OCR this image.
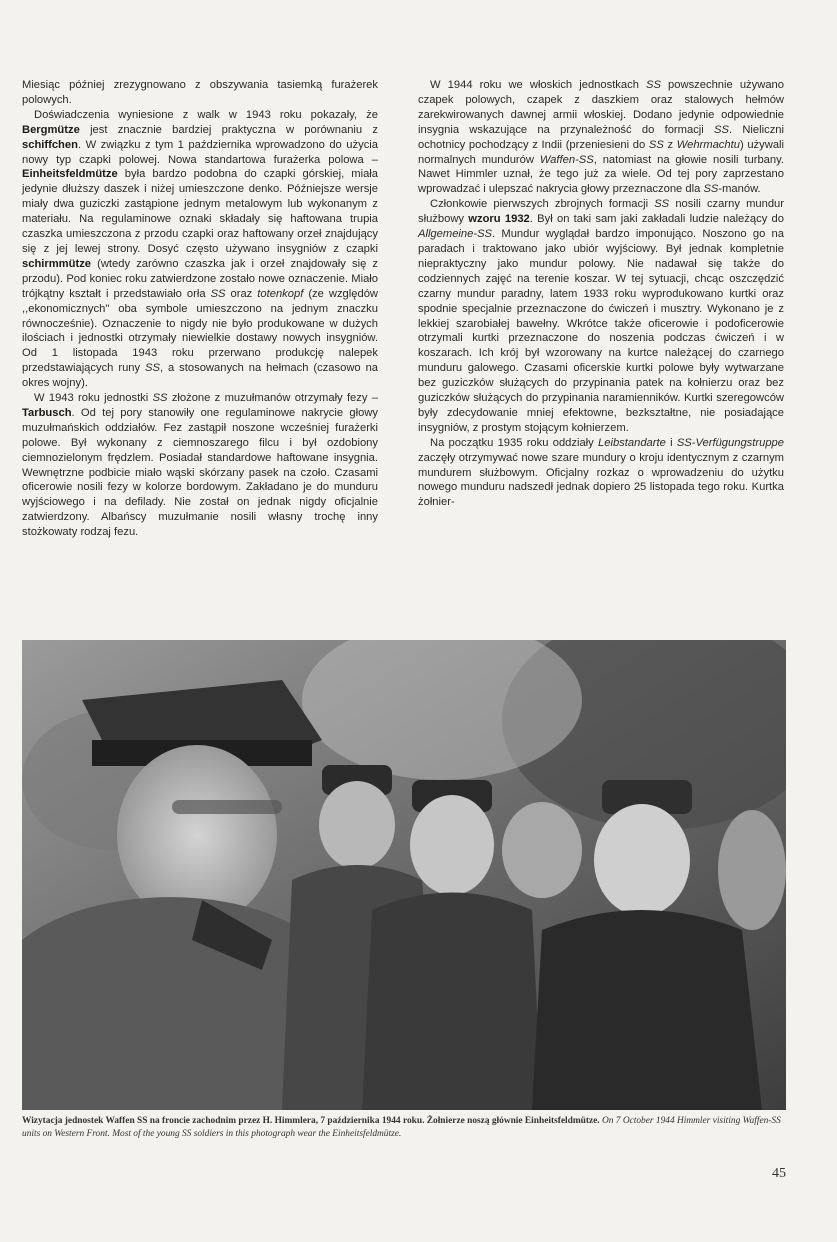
Miesiąc później zrezygnowano z obszywania tasiemką furażerek polowych.

Doświadczenia wyniesione z walk w 1943 roku pokazały, że Bergmütze jest znacznie bardziej praktyczna w porównaniu z schiffchen. W związku z tym 1 października wprowadzono do użycia nowy typ czapki polowej. Nowa standartowa furażerka polowa – Einheitsfeldmütze była bardzo podobna do czapki górskiej, miała jedynie dłuższy daszek i niżej umieszczone denko. Późniejsze wersje miały dwa guziczki zastąpione jednym metalowym lub wykonanym z materiału. Na regulaminowe oznaki składały się haftowana trupia czaszka umieszczona z przodu czapki oraz haftowany orzeł znajdujący się z jej lewej strony. Dosyć często używano insygniów z czapki schirmmütze (wtedy zarówno czaszka jak i orzeł znajdowały się z przodu). Pod koniec roku zatwierdzone zostało nowe oznaczenie. Miało trójkątny kształt i przedstawiało orła SS oraz totenkopf (ze względów ,,ekonomicznych" oba symbole umieszczono na jednym znaczku równocześnie). Oznaczenie to nigdy nie było produkowane w dużych ilościach i jednostki otrzymały niewielkie dostawy nowych insygniów. Od 1 listopada 1943 roku przerwano produkcję nalepek przedstawiających runy SS, a stosowanych na hełmach (czasowo na okres wojny).

W 1943 roku jednostki SS złożone z muzułmanów otrzymały fezy – Tarbusch. Od tej pory stanowiły one regulaminowe nakrycie głowy muzułmańskich oddziałów. Fez zastąpił noszone wcześniej furażerki polowe. Był wykonany z ciemnoszarego filcu i był ozdobiony ciemnozielonym frędzlem. Posiadał standardowe haftowane insygnia. Wewnętrzne podbicie miało wąski skórzany pasek na czoło. Czasami oficerowie nosili fezy w kolorze bordowym. Zakładano je do munduru wyjściowego i na defilady. Nie został on jednak nigdy oficjalnie zatwierdzony. Albańscy muzułmanie nosili własny trochę inny stożkowaty rodzaj fezu.

W 1944 roku we włoskich jednostkach SS powszechnie używano czapek polowych, czapek z daszkiem oraz stalowych hełmów zarekwirowanych dawnej armii włoskiej. Dodano jedynie odpowiednie insygnia wskazujące na przynależność do formacji SS. Nieliczni ochotnicy pochodzący z Indii (przeniesieni do SS z Wehrmachtu) używali normalnych mundurów Waffen-SS, natomiast na głowie nosili turbany. Nawet Himmler uznał, że tego już za wiele. Od tej pory zaprzestano wprowadzać i ulepszać nakrycia głowy przeznaczone dla SS-manów.

Członkowie pierwszych zbrojnych formacji SS nosili czarny mundur służbowy wzoru 1932. Był on taki sam jaki zakładali ludzie należący do Allgemeine-SS. Mundur wyglądał bardzo imponująco. Noszono go na paradach i traktowano jako ubiór wyjściowy. Był jednak kompletnie niepraktyczny jako mundur polowy. Nie nadawał się także do codziennych zajęć na terenie koszar. W tej sytuacji, chcąc oszczędzić czarny mundur paradny, latem 1933 roku wyprodukowano kurtki oraz spodnie specjalnie przeznaczone do ćwiczeń i musztry. Wykonano je z lekkiej szarobiałej bawełny. Wkrótce także oficerowie i podoficerowie otrzymali kurtki przeznaczone do noszenia podczas ćwiczeń i w koszarach. Ich krój był wzorowany na kurtce należącej do czarnego munduru galowego. Czasami oficerskie kurtki polowe były wytwarzane bez guziczków służących do przypinania patek na kołnierzu oraz bez guziczków służących do przypinania naramienników. Kurtki szeregowców były zdecydowanie mniej efektowne, bezkształtne, nie posiadające insygniów, z prostym stojącym kołnierzem.

Na początku 1935 roku oddziały Leibstandarte i SS-Verfügungstruppe zaczęły otrzymywać nowe szare mundury o kroju identycznym z czarnym mundurem służbowym. Oficjalny rozkaz o wprowadzeniu do użytku nowego munduru nadszedł jednak dopiero 25 listopada tego roku. Kurtka żołnier-

Wizytacja jednostek Waffen SS na froncie zachodnim przez H. Himmlera, 7 października 1944 roku. Żołnierze noszą głównie Einheitsfeldmütze. On 7 October 1944 Himmler visiting Waffen-SS units on Western Front. Most of the young SS soldiers in this photograph wear the Einheitsfeldmütze.
45
